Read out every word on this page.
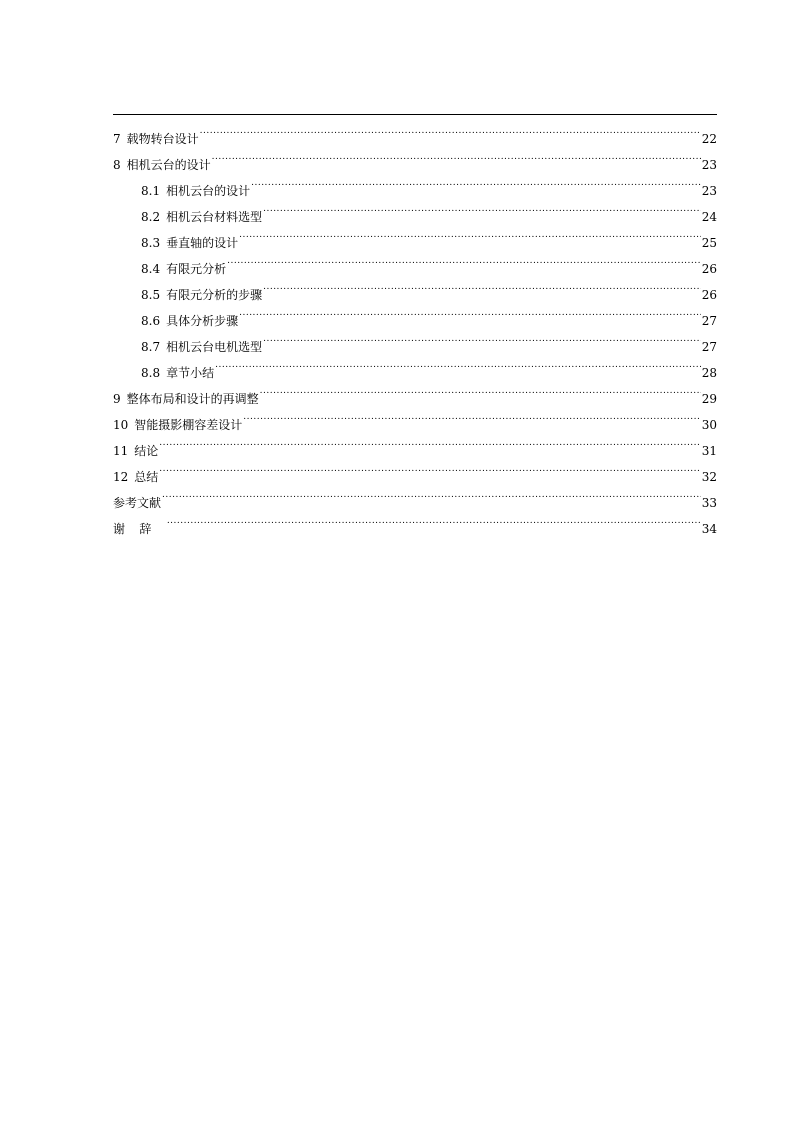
7 载物转台设计 .....	22
8 相机云台的设计 .....	23
8.1 相机云台的设计 .....	23
8.2 相机云台材料选型 .....	24
8.3 垂直轴的设计 .....	25
8.4 有限元分析 .....	26
8.5 有限元分析的步骤 .....	26
8.6 具体分析步骤 .....	27
8.7 相机云台电机选型 .....	27
8.8 章节小结 .....	28
9 整体布局和设计的再调整 .....	29
10 智能摄影棚容差设计 .....	30
11 结论 .....	31
12 总结 .....	32
参考文献 .....	33
谢辞 .....	34
